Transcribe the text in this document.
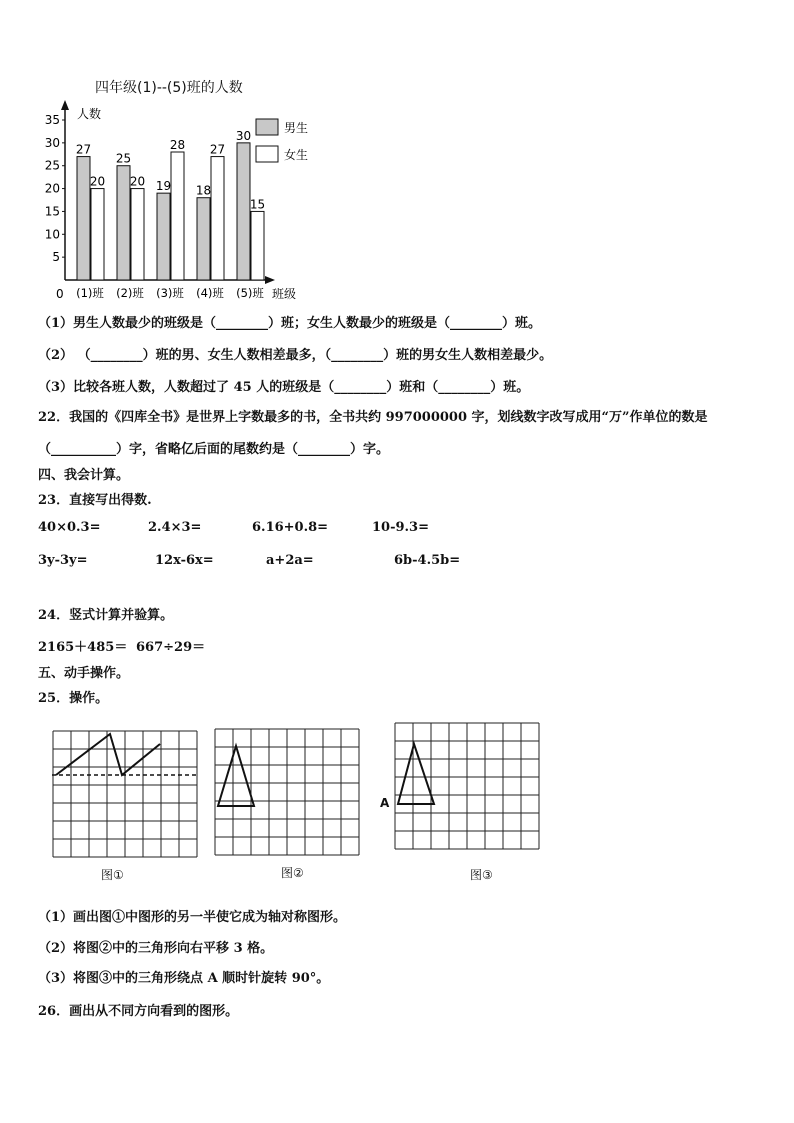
四年级(1)--(5)班的人数
人数
班级
0
5
10
15
20
25
30
35
27
20
(1)班
25
20
(2)班
19
28
(3)班
18
27
(4)班
30
15
(5)班
男生
女生
（1）男生人数最少的班级是（________）班；女生人数最少的班级是（________）班。
（2） （________）班的男、女生人数相差最多，（________）班的男女生人数相差最少。
（3）比较各班人数，人数超过了 45 人的班级是（________）班和（________）班。
22．我国的《四库全书》是世界上字数最多的书，全书共约 997000000 字，划线数字改写成用“万”作单位的数是
（__________）字，省略亿后面的尾数约是（________）字。
四、我会计算。
23．直接写出得数.
40×0.3=	2.4×3=	6.16+0.8=	10-9.3=
3y-3y=	12x-6x=	a+2a=	6b-4.5b=
24．竖式计算并验算。
2165＋485＝ 667÷29＝
五、动手操作。
25．操作。
图①	图②
A
图③
（1）画出图①中图形的另一半使它成为轴对称图形。
（2）将图②中的三角形向右平移 3 格。
（3）将图③中的三角形绕点 A 顺时针旋转 90°。
26．画出从不同方向看到的图形。
